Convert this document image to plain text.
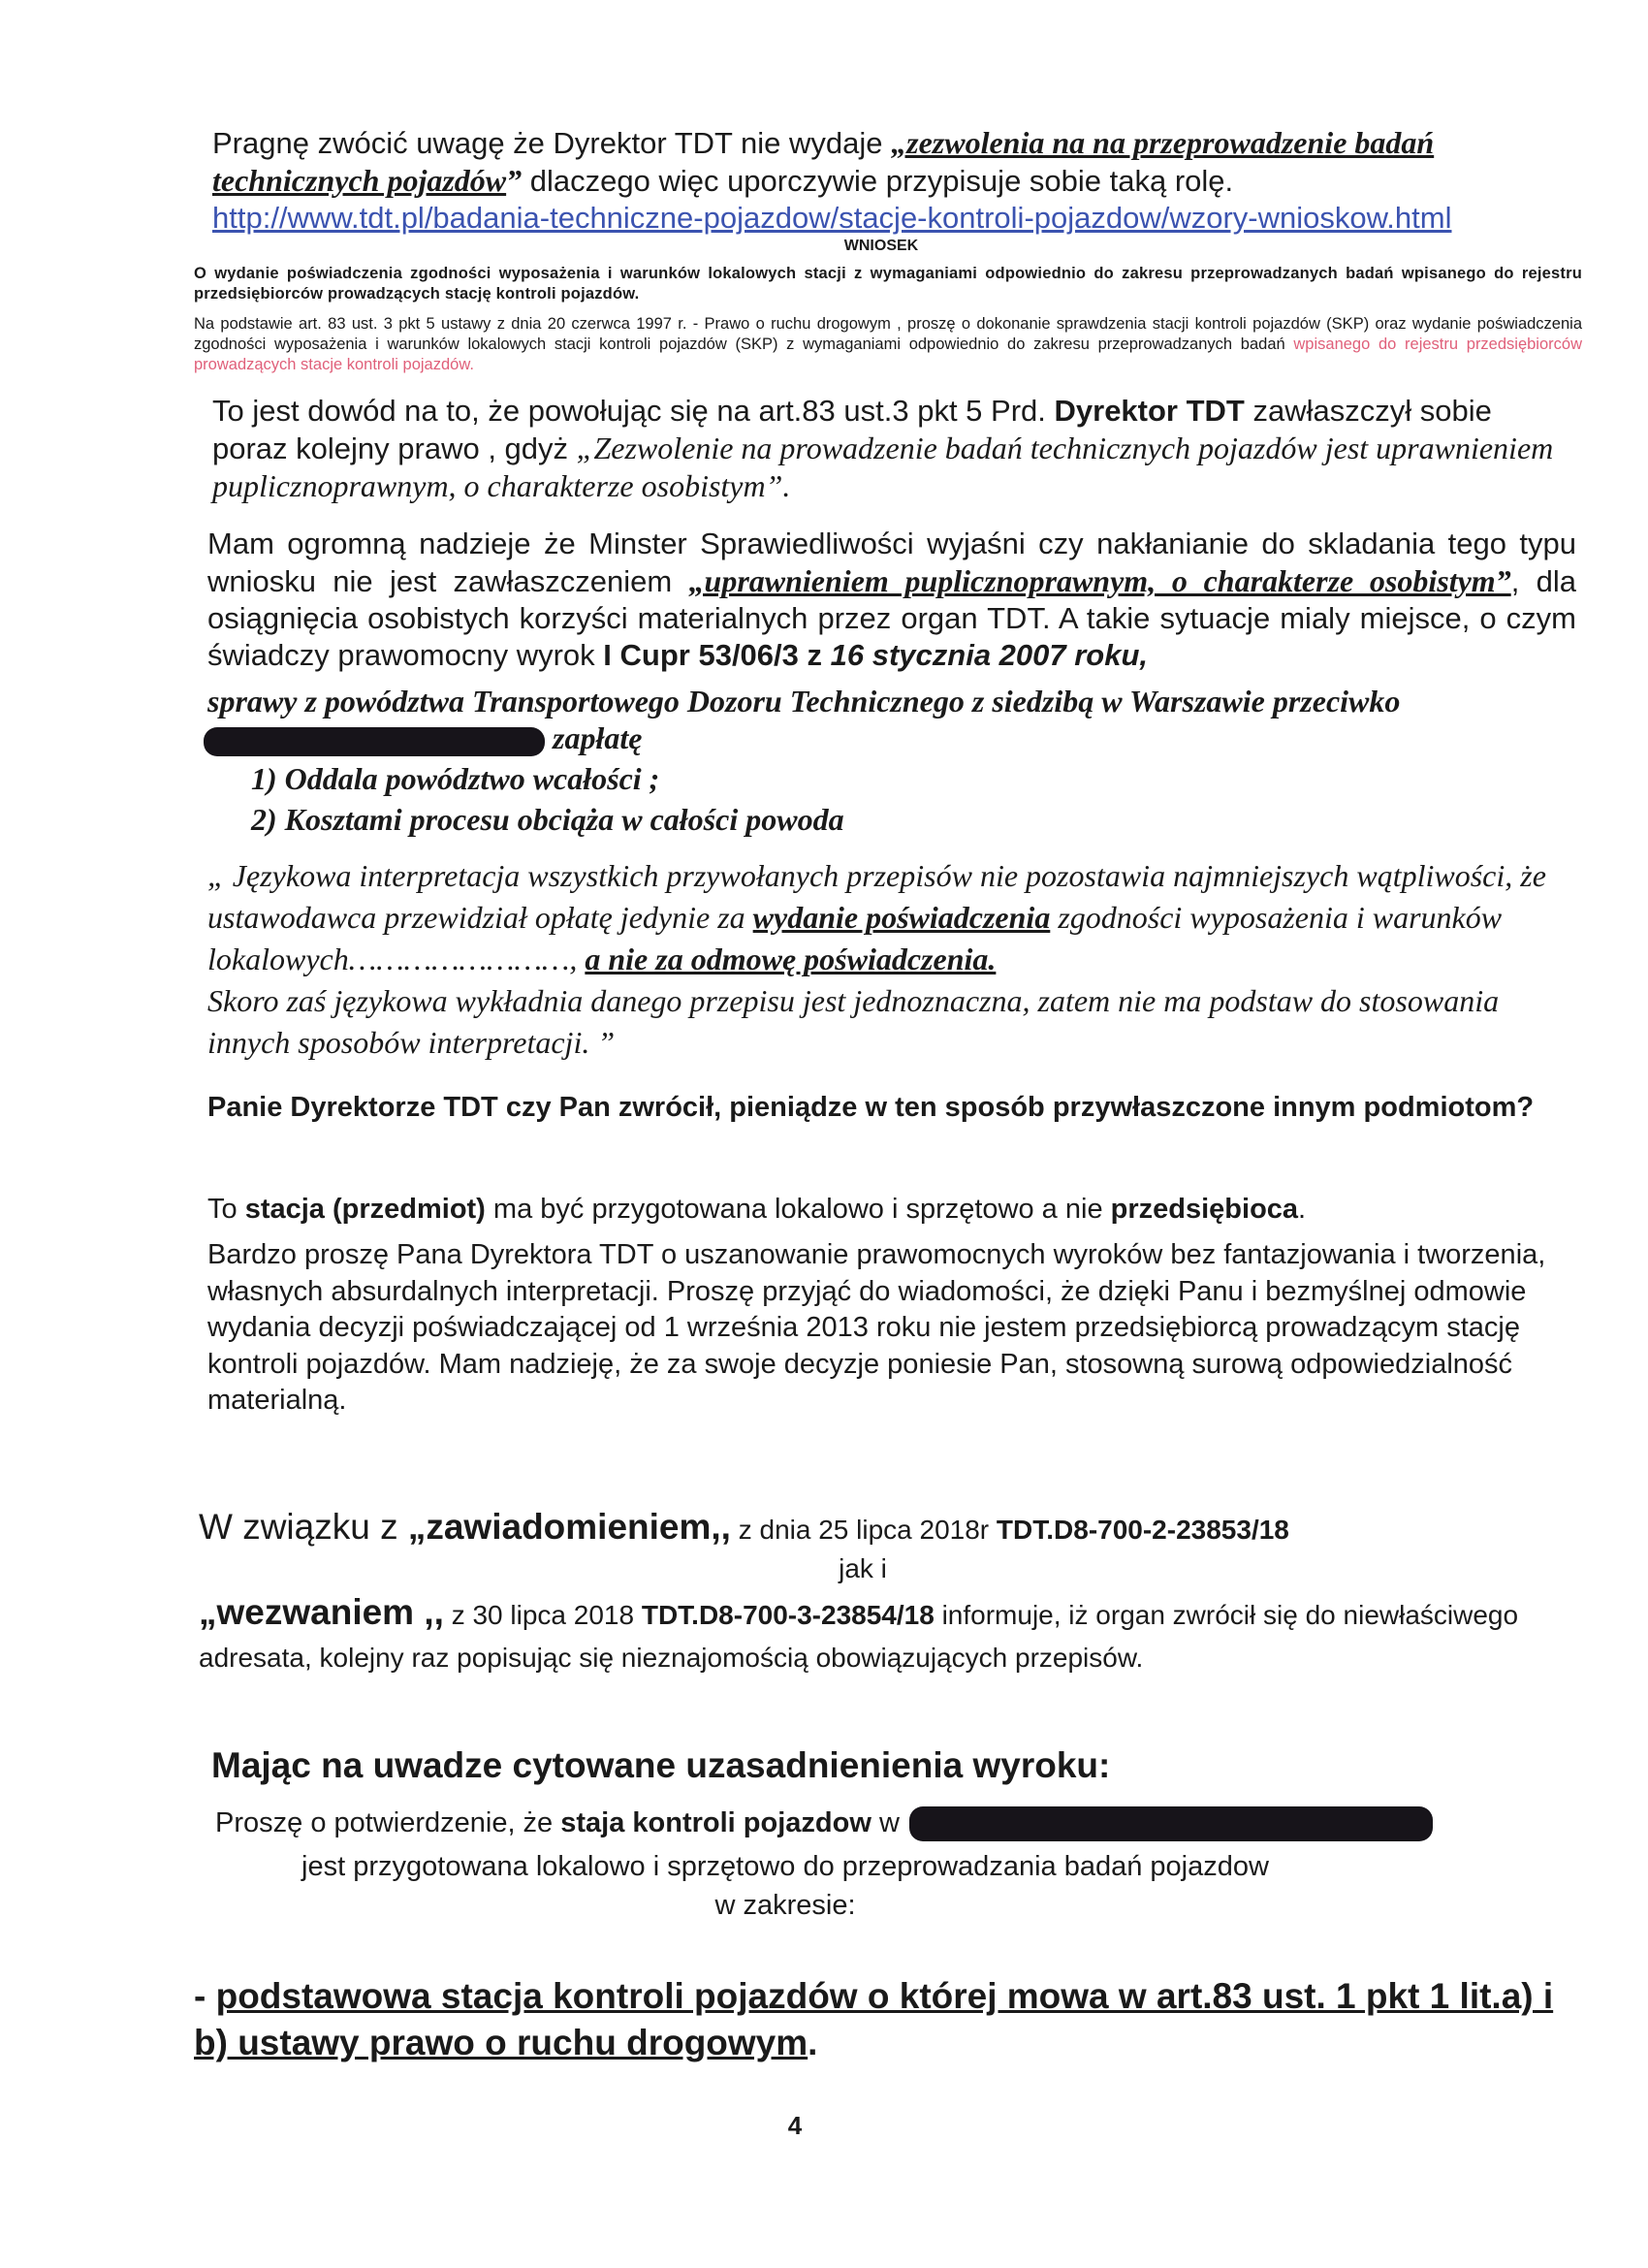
Pragnę zwócić uwagę że Dyrektor TDT nie wydaje „zezwolenia na na przeprowadzenie badań
technicznych pojazdów” dlaczego więc uporczywie przypisuje sobie taką rolę.
http://www.tdt.pl/badania-techniczne-pojazdow/stacje-kontroli-pojazdow/wzory-wnioskow.html
WNIOSEK
O wydanie poświadczenia zgodności wyposażenia i warunków lokalowych stacji z wymaganiami odpowiednio do zakresu przeprowadzanych badań wpisanego do rejestru przedsiębiorców prowadzących stację kontroli pojazdów.
Na podstawie art. 83 ust. 3 pkt 5 ustawy z dnia 20 czerwca 1997 r. - Prawo o ruchu drogowym , proszę o dokonanie sprawdzenia stacji kontroli pojazdów (SKP) oraz wydanie poświadczenia zgodności wyposażenia i warunków lokalowych stacji kontroli pojazdów (SKP) z wymaganiami odpowiednio do zakresu przeprowadzanych badań wpisanego do rejestru przedsiębiorców prowadzących stacje kontroli pojazdów.
To jest dowód na to, że powołując się na art.83 ust.3 pkt 5 Prd. Dyrektor TDT zawłaszczył sobie poraz kolejny prawo , gdyż „Zezwolenie na prowadzenie badań technicznych pojazdów jest uprawnieniem puplicznoprawnym, o charakterze osobistym”.
Mam ogromną nadzieje że Minster Sprawiedliwości wyjaśni czy nakłanianie do skladania tego typu wniosku nie jest zawłaszczeniem „uprawnieniem puplicznoprawnym, o charakterze osobistym”, dla osiągnięcia osobistych korzyści materialnych przez organ TDT. A takie sytuacje mialy miejsce, o czym świadczy prawomocny wyrok I Cupr 53/06/3 z 16 stycznia 2007 roku,
sprawy z powództwa Transportowego Dozoru Technicznego z siedzibą w Warszawie przeciwko
zapłatę
1) Oddala powództwo wcałości ;
2) Kosztami procesu obciąża w całości powoda
„ Językowa interpretacja wszystkich przywołanych przepisów nie pozostawia najmniejszych wątpliwości, że ustawodawca przewidział opłatę jedynie za wydanie poświadczenia zgodności wyposażenia i warunków lokalowych……………………, a nie za odmowę poświadczenia.
Skoro zaś językowa wykładnia danego przepisu jest jednoznaczna, zatem nie ma podstaw do stosowania innych sposobów interpretacji. ”
Panie Dyrektorze TDT czy Pan zwrócił, pieniądze w ten sposób przywłaszczone innym podmiotom?
To stacja (przedmiot) ma być przygotowana lokalowo i sprzętowo a nie przedsiębioca.
Bardzo proszę Pana Dyrektora TDT o uszanowanie prawomocnych wyroków bez fantazjowania i tworzenia, własnych absurdalnych interpretacji. Proszę przyjąć do wiadomości, że dzięki Panu i bezmyślnej odmowie wydania decyzji poświadczającej od 1 września 2013 roku nie jestem przedsiębiorcą prowadzącym stację kontroli pojazdów. Mam nadzieję, że za swoje decyzje poniesie Pan, stosowną surową odpowiedzialność materialną.
W związku z „zawiadomieniem,, z dnia 25 lipca 2018r TDT.D8-700-2-23853/18
jak i
„wezwaniem ,, z 30 lipca 2018 TDT.D8-700-3-23854/18 informuje, iż organ zwrócił się do niewłaściwego adresata, kolejny raz popisując się nieznajomością obowiązujących przepisów.
Mając na uwadze cytowane uzasadnienienia wyroku:
Proszę o potwierdzenie, że staja kontroli pojazdow w
jest przygotowana lokalowo i sprzętowo do przeprowadzania badań pojazdow
w zakresie:
- podstawowa stacja kontroli pojazdów o której mowa w art.83 ust. 1 pkt 1 lit.a) i b) ustawy prawo o ruchu drogowym.
4
